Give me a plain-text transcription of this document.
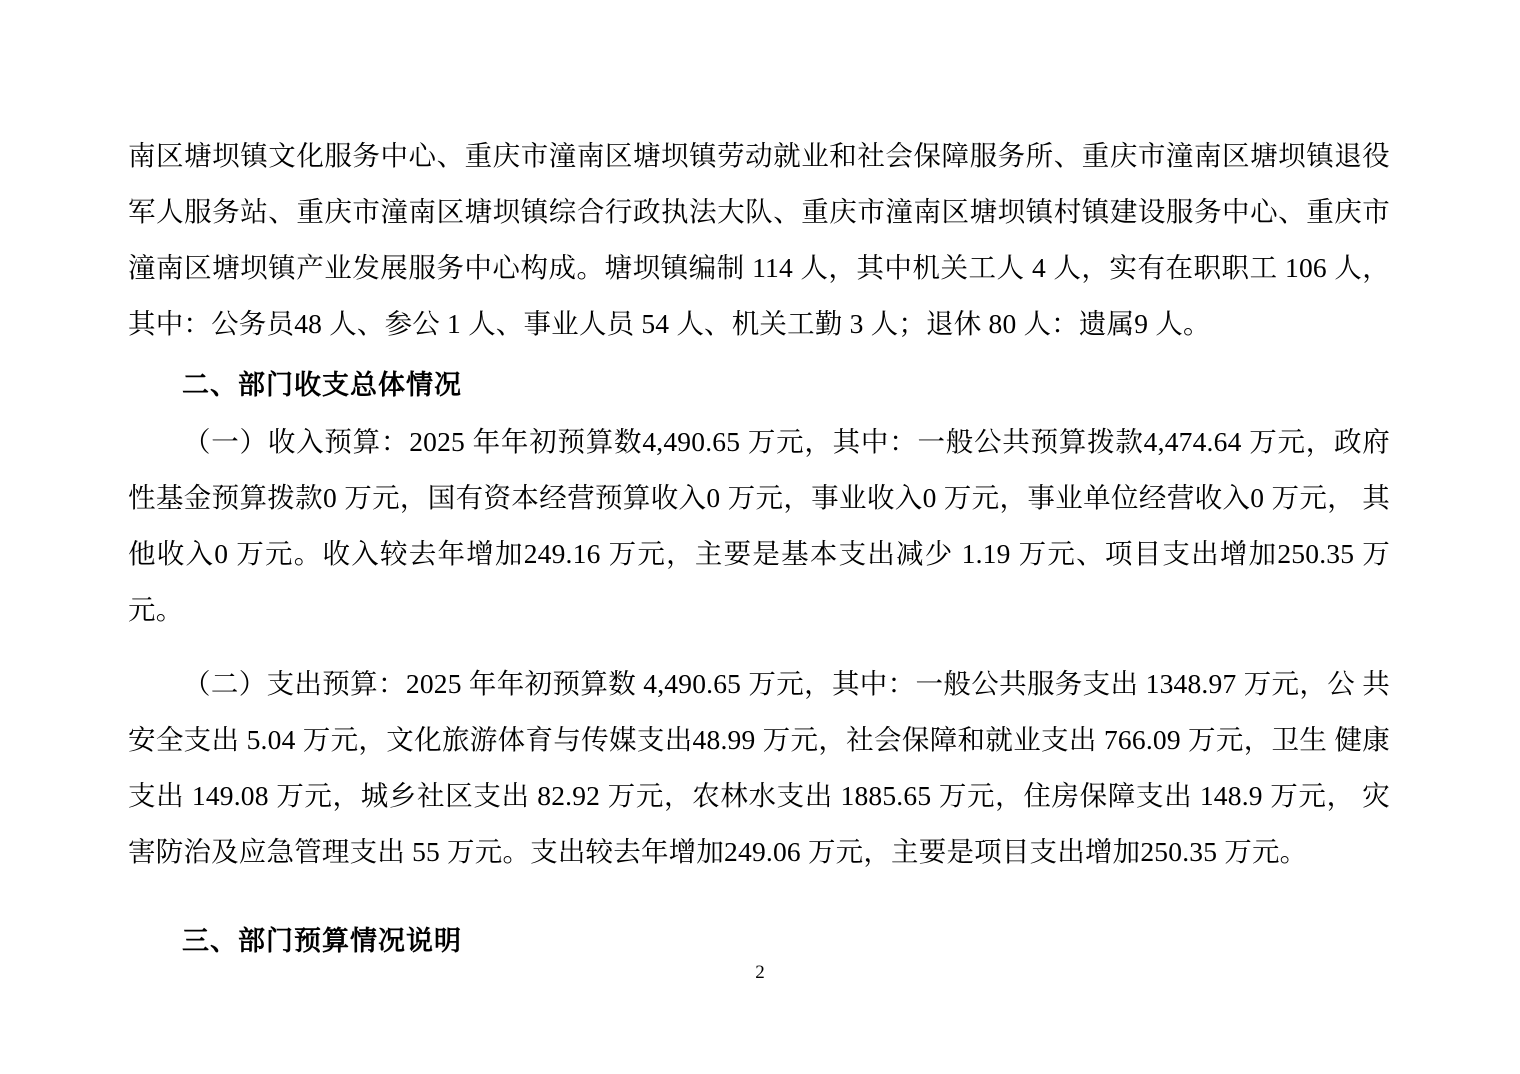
南区塘坝镇文化服务中心、重庆市潼南区塘坝镇劳动就业和社会保障服务所、重庆市潼南区塘坝镇退役军人服务站、重庆市潼南区塘坝镇综合行政执法大队、重庆市潼南区塘坝镇村镇建设服务中心、重庆市潼南区塘坝镇产业发展服务中心构成。塘坝镇编制 114 人，其中机关工人 4 人，实有在职职工 106 人， 其中：公务员48 人、参公 1 人、事业人员 54 人、机关工勤 3 人；退休 80 人：遗属9 人。

二、部门收支总体情况

（一）收入预算：2025 年年初预算数4,490.65 万元，其中：一般公共预算拨款4,474.64 万元，政府 性基金预算拨款0 万元，国有资本经营预算收入0 万元，事业收入0 万元，事业单位经营收入0 万元， 其他收入0 万元。收入较去年增加249.16 万元，主要是基本支出减少 1.19 万元、项目支出增加250.35 万元。

（二）支出预算：2025 年年初预算数 4,490.65 万元，其中：一般公共服务支出 1348.97 万元，公 共安全支出 5.04 万元，文化旅游体育与传媒支出48.99 万元，社会保障和就业支出 766.09 万元，卫生 健康支出 149.08 万元，城乡社区支出 82.92 万元，农林水支出 1885.65 万元，住房保障支出 148.9 万元， 灾害防治及应急管理支出 55 万元。支出较去年增加249.06 万元，主要是项目支出增加250.35 万元。

三、部门预算情况说明

2
